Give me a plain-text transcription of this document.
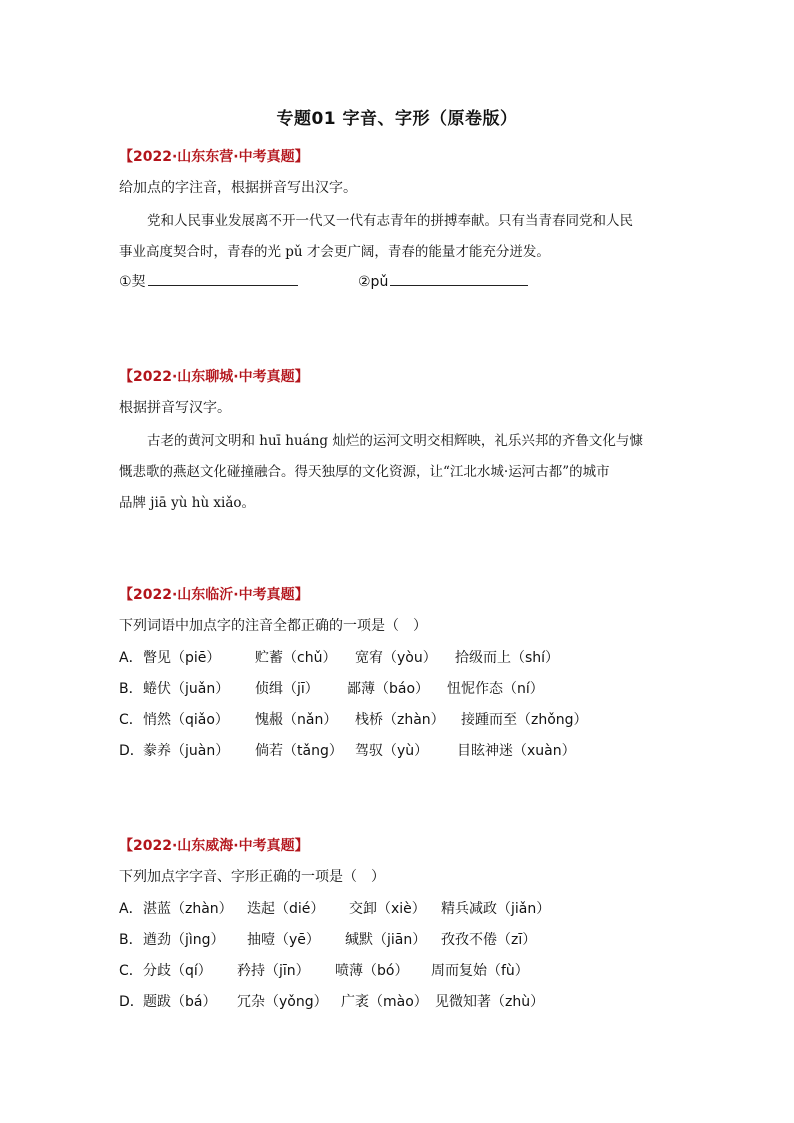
专题01 字音、字形（原卷版）
【2022·山东东营·中考真题】
给加点的字注音，根据拼音写出汉字。
党和人民事业发展离不开一代又一代有志青年的拼搏奉献。只有当青春同党和人民
事业高度契合时，青春的光 pǔ 才会更广阔，青春的能量才能充分迸发。
①契	②pǔ
【2022·山东聊城·中考真题】
根据拼音写汉字。
古老的黄河文明和 huī huáng 灿烂的运河文明交相辉映，礼乐兴邦的齐鲁文化与慷
慨悲歌的燕赵文化碰撞融合。得天独厚的文化资源，让“江北水城·运河古都”的城市
品牌 jiā yù hù xiǎo。
【2022·山东临沂·中考真题】
下列词语中加点字的注音全都正确的一项是（　）
A．瞥见（piē） 贮蓄（chǔ） 宽宥（yòu） 拾级而上（shí）
B．蜷伏（juǎn） 侦缉（jī） 鄙薄（báo） 忸怩作态（ní）
C．悄然（qiǎo） 愧赧（nǎn） 栈桥（zhàn） 接踵而至（zhǒng）
D．豢养（juàn） 倘若（tǎng） 驾驭（yù） 目眩神迷（xuàn）
【2022·山东威海·中考真题】
下列加点字字音、字形正确的一项是（　）
A．湛蓝（zhàn） 迭起（dié） 交卸（xiè） 精兵减政（jiǎn）
B．遒劲（jìng） 抽噎（yē） 缄默（jiān） 孜孜不倦（zī）
C．分歧（qí） 矜持（jīn） 喷薄（bó） 周而复始（fù）
D．题跋（bá） 冗杂（yǒng） 广袤（mào） 见微知著（zhù）
